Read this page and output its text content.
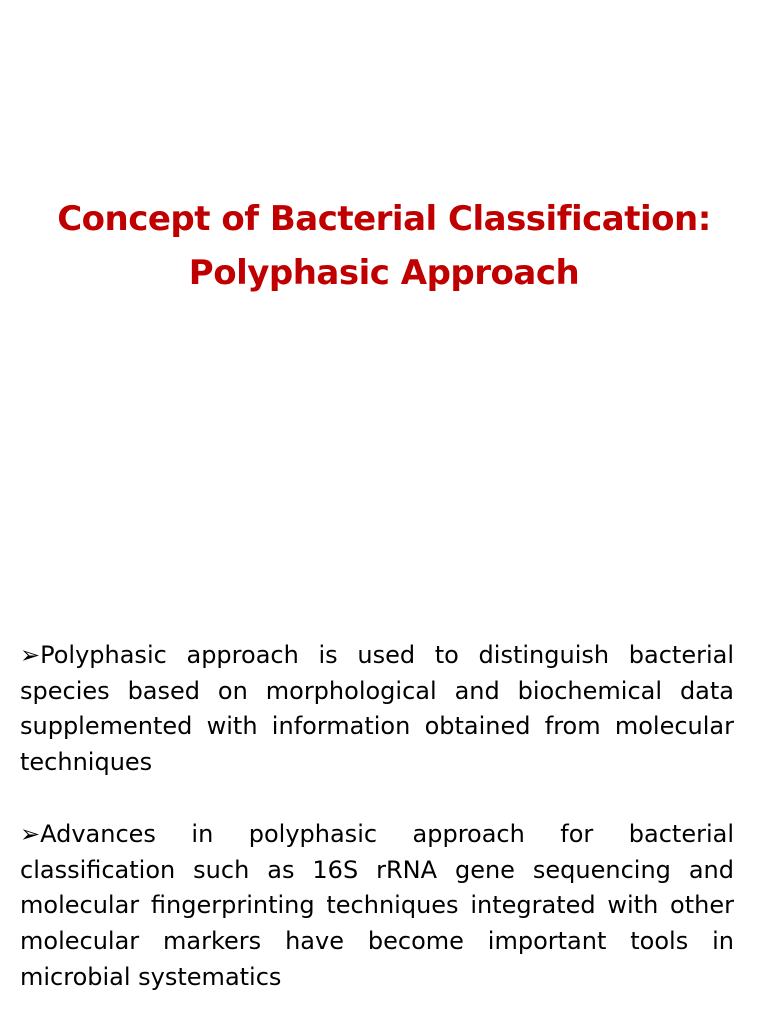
Concept of Bacterial Classification:
Polyphasic Approach

➢Polyphasic approach is used to distinguish bacterial species based on morphological and biochemical data supplemented with information obtained from molecular techniques

➢Advances in polyphasic approach for bacterial classification such as 16S rRNA gene sequencing and molecular fingerprinting techniques integrated with other molecular markers have become important tools in microbial systematics
